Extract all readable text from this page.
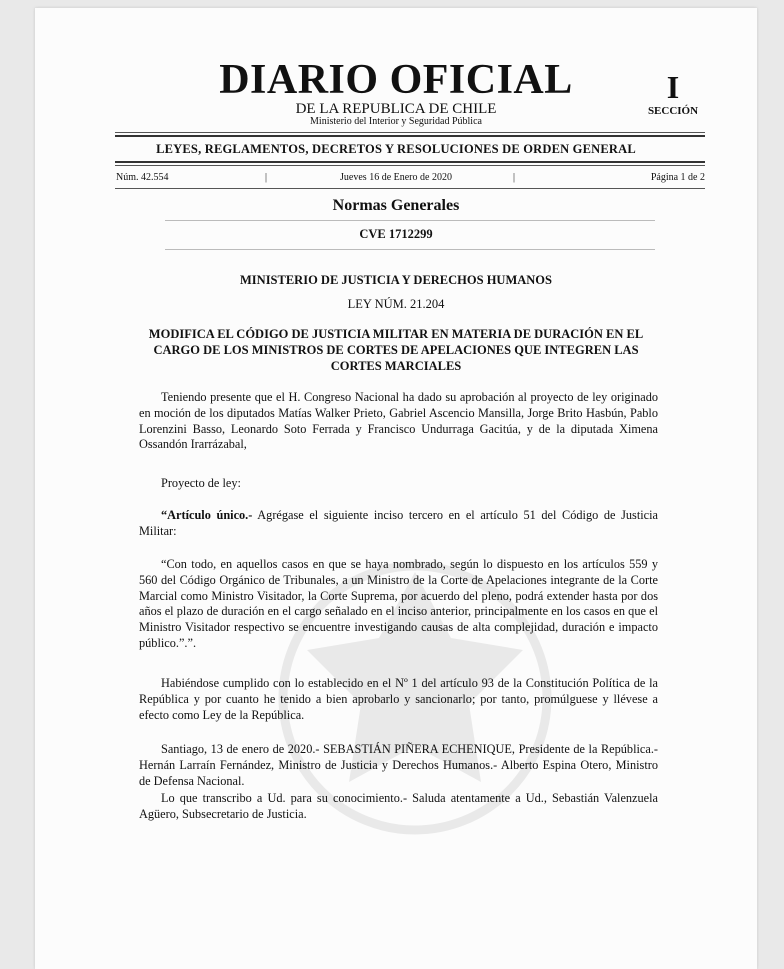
DIARIO OFICIAL
DE LA REPUBLICA DE CHILE
Ministerio del Interior y Seguridad Pública
I
SECCIÓN
LEYES, REGLAMENTOS, DECRETOS Y RESOLUCIONES DE ORDEN GENERAL
Núm. 42.554	|	Jueves 16 de Enero de 2020	|	Página 1 de 2
Normas Generales
CVE 1712299
MINISTERIO DE JUSTICIA Y DERECHOS HUMANOS
LEY NÚM. 21.204
MODIFICA EL CÓDIGO DE JUSTICIA MILITAR EN MATERIA DE DURACIÓN EN EL CARGO DE LOS MINISTROS DE CORTES DE APELACIONES QUE INTEGREN LAS CORTES MARCIALES

Teniendo presente que el H. Congreso Nacional ha dado su aprobación al proyecto de ley originado en moción de los diputados Matías Walker Prieto, Gabriel Ascencio Mansilla, Jorge Brito Hasbún, Pablo Lorenzini Basso, Leonardo Soto Ferrada y Francisco Undurraga Gacitúa, y de la diputada Ximena Ossandón Irarrázabal,

Proyecto de ley:

“Artículo único.- Agrégase el siguiente inciso tercero en el artículo 51 del Código de Justicia Militar:

“Con todo, en aquellos casos en que se haya nombrado, según lo dispuesto en los artículos 559 y 560 del Código Orgánico de Tribunales, a un Ministro de la Corte de Apelaciones integrante de la Corte Marcial como Ministro Visitador, la Corte Suprema, por acuerdo del pleno, podrá extender hasta por dos años el plazo de duración en el cargo señalado en el inciso anterior, principalmente en los casos en que el Ministro Visitador respectivo se encuentre investigando causas de alta complejidad, duración e impacto público.”.”.

Habiéndose cumplido con lo establecido en el Nº 1 del artículo 93 de la Constitución Política de la República y por cuanto he tenido a bien aprobarlo y sancionarlo; por tanto, promúlguese y llévese a efecto como Ley de la República.

Santiago, 13 de enero de 2020.- SEBASTIÁN PIÑERA ECHENIQUE, Presidente de la República.- Hernán Larraín Fernández, Ministro de Justicia y Derechos Humanos.- Alberto Espina Otero, Ministro de Defensa Nacional.

Lo que transcribo a Ud. para su conocimiento.- Saluda atentamente a Ud., Sebastián Valenzuela Agüero, Subsecretario de Justicia.
